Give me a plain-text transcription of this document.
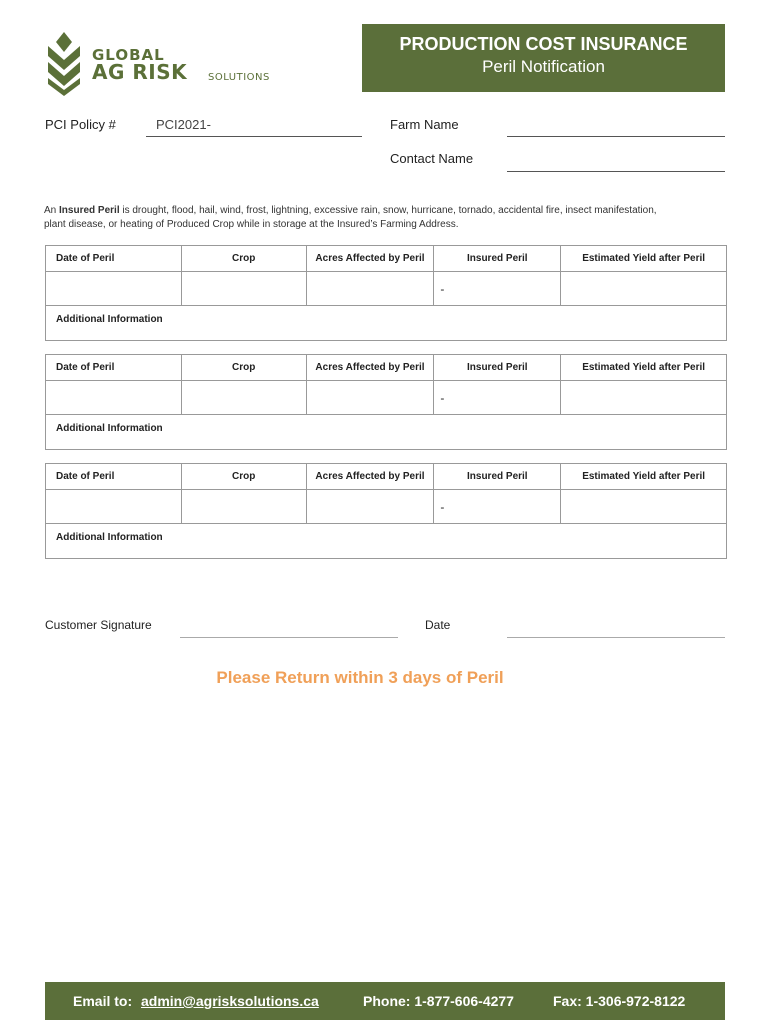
GLOBAL
AG RISK SOLUTIONS
PRODUCTION COST INSURANCE
Peril Notification
PCI Policy #	PCI2021-	Farm Name
Contact Name
An Insured Peril is drought, flood, hail, wind, frost, lightning, excessive rain, snow, hurricane, tornado, accidental fire, insect manifestation,
plant disease, or heating of Produced Crop while in storage at the Insured’s Farming Address.
Date of Peril	Crop	Acres Affected by Peril	Insured Peril	Estimated Yield after Peril
			-	
Additional Information				
Date of Peril	Crop	Acres Affected by Peril	Insured Peril	Estimated Yield after Peril
			-	
Additional Information				
Date of Peril	Crop	Acres Affected by Peril	Insured Peril	Estimated Yield after Peril
			-	
Additional Information				
Customer Signature	Date
Please Return within 3 days of Peril
Email to: admin@agrisksolutions.ca	Phone: 1-877-606-4277	Fax: 1-306-972-8122
